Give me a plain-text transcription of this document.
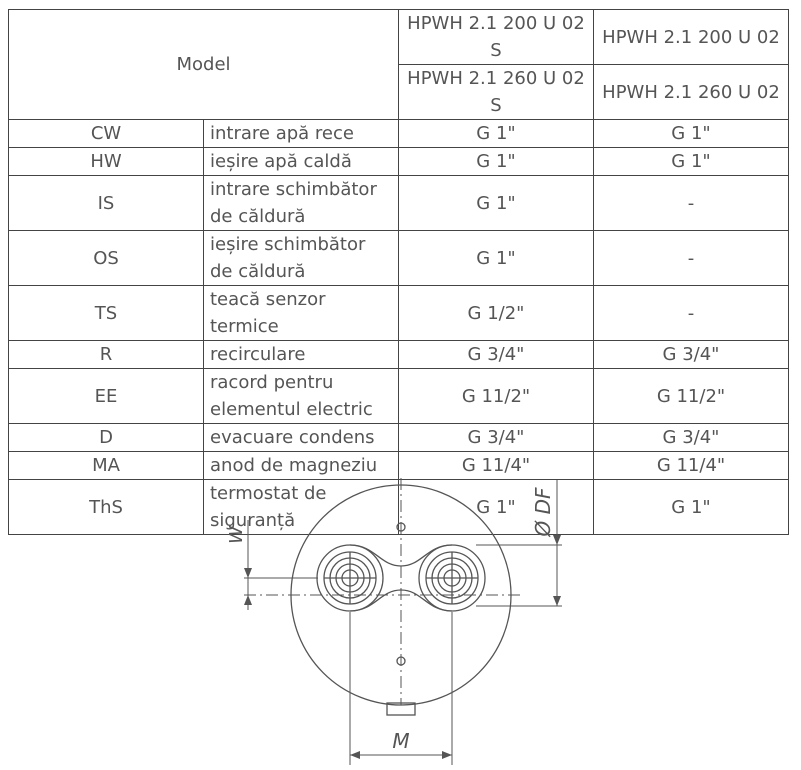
Model		HPWH 2.1 200 U 02 S	HPWH 2.1 200 U 02
		HPWH 2.1 260 U 02 S	HPWH 2.1 260 U 02
CW	intrare apă rece	G 1"	G 1"
HW	ieșire apă caldă	G 1"	G 1"
IS	intrare schimbător de căldură	G 1"	-
OS	ieșire schimbător de căldură	G 1"	-
TS	teacă senzor termice	G 1/2"	-
R	recirculare	G 3/4"	G 3/4"
EE	racord pentru elementul electric	G 11/2"	G 11/2"
D	evacuare condens	G 3/4"	G 3/4"
MA	anod de magneziu	G 11/4"	G 11/4"
ThS	termostat de siguranță	G 1"	G 1"
W	Ø DF
M
